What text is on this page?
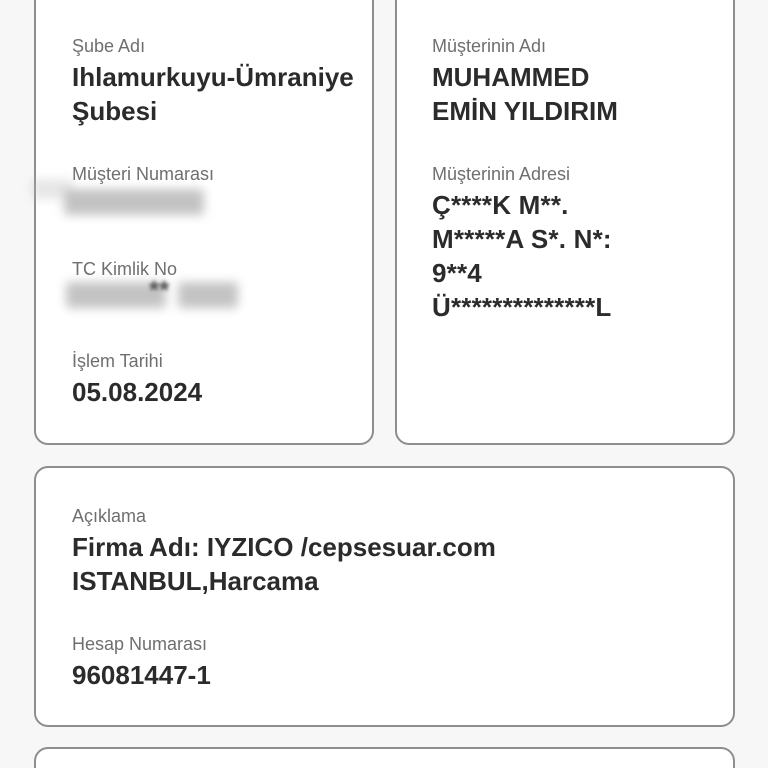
Şube Adı
Ihlamurkuyu-Ümraniye
Şubesi
Müşteri Numarası
TC Kimlik No
**
İşlem Tarihi
05.08.2024
Müşterinin Adı
MUHAMMED
EMİN YILDIRIM
Müşterinin Adresi
Ç****K M**.
M*****A S*. N*:
9**4
Ü**************L
Açıklama
Firma Adı: IYZICO /cepsesuar.com
ISTANBUL,Harcama
Hesap Numarası
96081447-1
